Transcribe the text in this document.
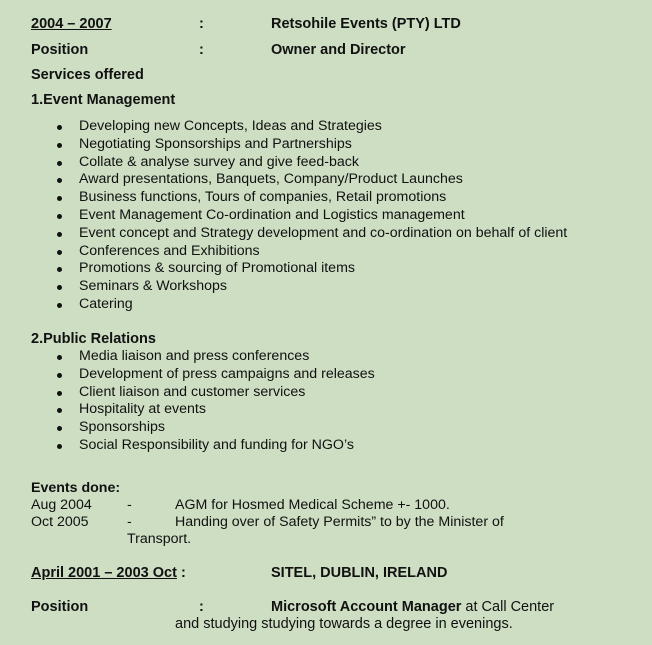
2004 – 2007	:	Retsohile Events (PTY) LTD
Position	:	Owner and Director
Services offered
1.Event Management
Developing new Concepts, Ideas and Strategies
Negotiating Sponsorships and Partnerships
Collate & analyse survey and give feed-back
Award presentations, Banquets, Company/Product Launches
Business functions, Tours of companies, Retail promotions
Event Management Co-ordination and Logistics management
Event concept and Strategy development and co-ordination on behalf of client
Conferences and Exhibitions
Promotions & sourcing of Promotional items
Seminars & Workshops
Catering
2.Public Relations
Media liaison and press conferences
Development of press campaigns and releases
Client liaison and customer services
Hospitality at events
Sponsorships
Social Responsibility and funding for NGO’s
Events done:
Aug 2004 -	AGM for Hosmed Medical Scheme +- 1000.
Oct 2005	-	Handing over of Safety Permits” to by the Minister of
Transport.
April 2001 – 2003 Oct :	SITEL, DUBLIN, IRELAND
Position	:	Microsoft Account Manager at Call Center
and studying studying towards a degree in evenings.
